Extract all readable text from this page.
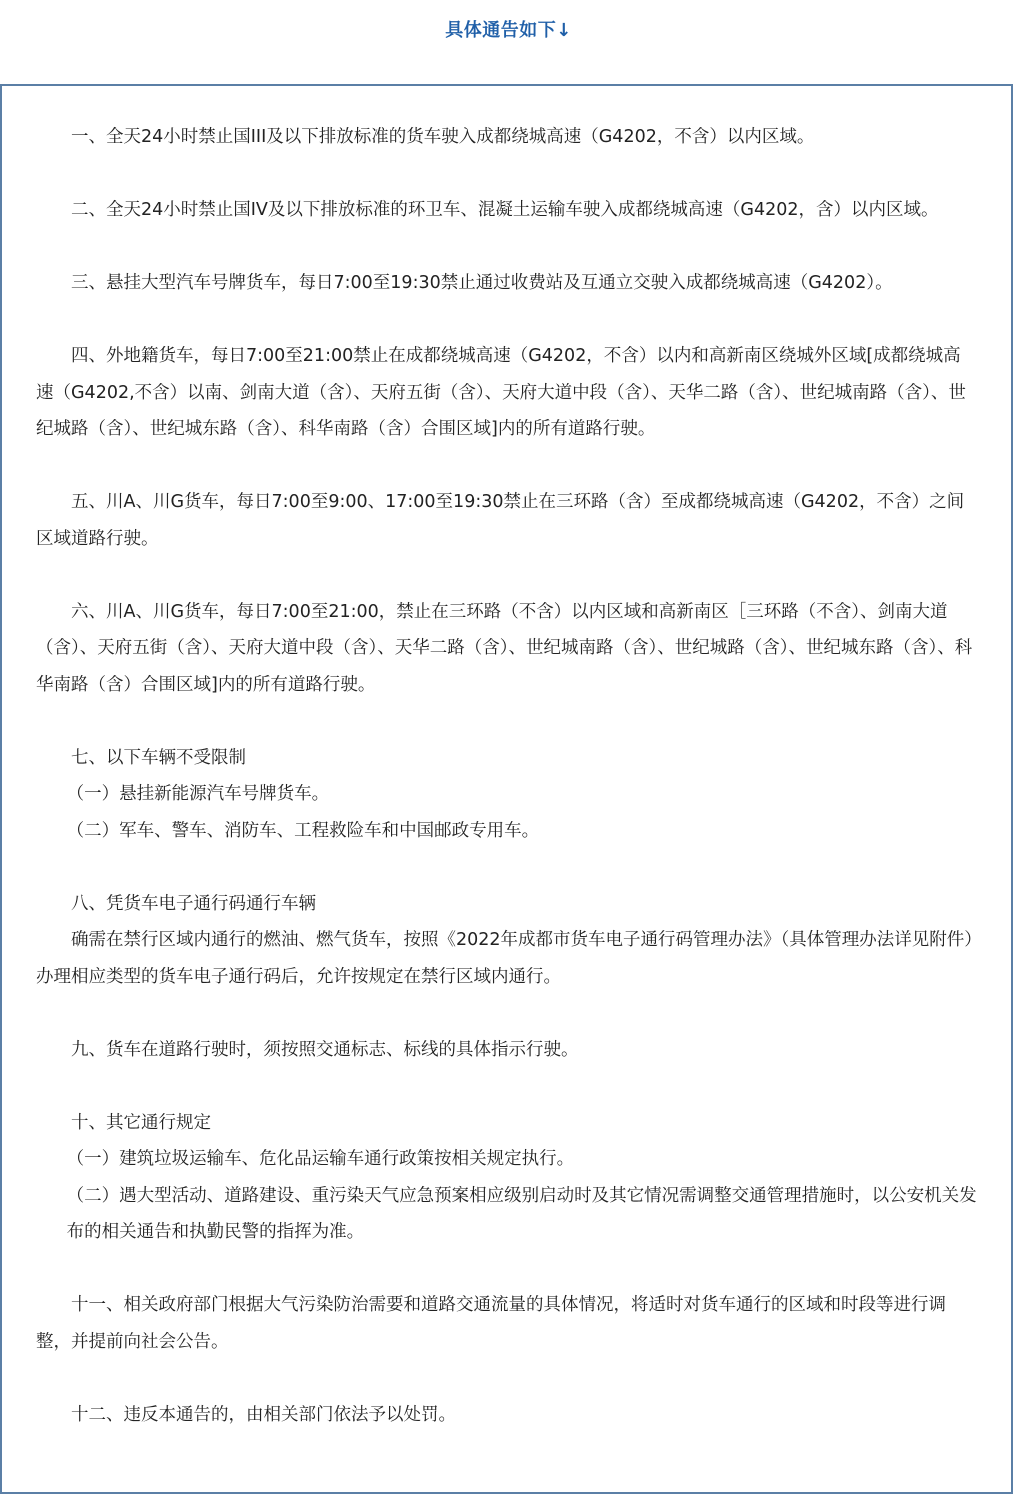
具体通告如下↓

一、全天24小时禁止国III及以下排放标准的货车驶入成都绕城高速（G4202，不含）以内区域。

二、全天24小时禁止国IV及以下排放标准的环卫车、混凝土运输车驶入成都绕城高速（G4202，含）以内区域。

三、悬挂大型汽车号牌货车，每日7:00至19:30禁止通过收费站及互通立交驶入成都绕城高速（G4202）。

四、外地籍货车，每日7:00至21:00禁止在成都绕城高速（G4202，不含）以内和高新南区绕城外区域[成都绕城高速（G4202,不含）以南、剑南大道（含）、天府五街（含）、天府大道中段（含）、天华二路（含）、世纪城南路（含）、世纪城路（含）、世纪城东路（含）、科华南路（含）合围区域]内的所有道路行驶。

五、川A、川G货车，每日7:00至9:00、17:00至19:30禁止在三环路（含）至成都绕城高速（G4202，不含）之间区域道路行驶。

六、川A、川G货车，每日7:00至21:00，禁止在三环路（不含）以内区域和高新南区［三环路（不含）、剑南大道（含）、天府五街（含）、天府大道中段（含）、天华二路（含）、世纪城南路（含）、世纪城路（含）、世纪城东路（含）、科华南路（含）合围区域]内的所有道路行驶。

七、以下车辆不受限制

（一）悬挂新能源汽车号牌货车。

（二）军车、警车、消防车、工程救险车和中国邮政专用车。

八、凭货车电子通行码通行车辆

确需在禁行区域内通行的燃油、燃气货车，按照《2022年成都市货车电子通行码管理办法》（具体管理办法详见附件）办理相应类型的货车电子通行码后，允许按规定在禁行区域内通行。

九、货车在道路行驶时，须按照交通标志、标线的具体指示行驶。

十、其它通行规定

（一）建筑垃圾运输车、危化品运输车通行政策按相关规定执行。

（二）遇大型活动、道路建设、重污染天气应急预案相应级别启动时及其它情况需调整交通管理措施时，以公安机关发布的相关通告和执勤民警的指挥为准。

十一、相关政府部门根据大气污染防治需要和道路交通流量的具体情况，将适时对货车通行的区域和时段等进行调整，并提前向社会公告。

十二、违反本通告的，由相关部门依法予以处罚。
